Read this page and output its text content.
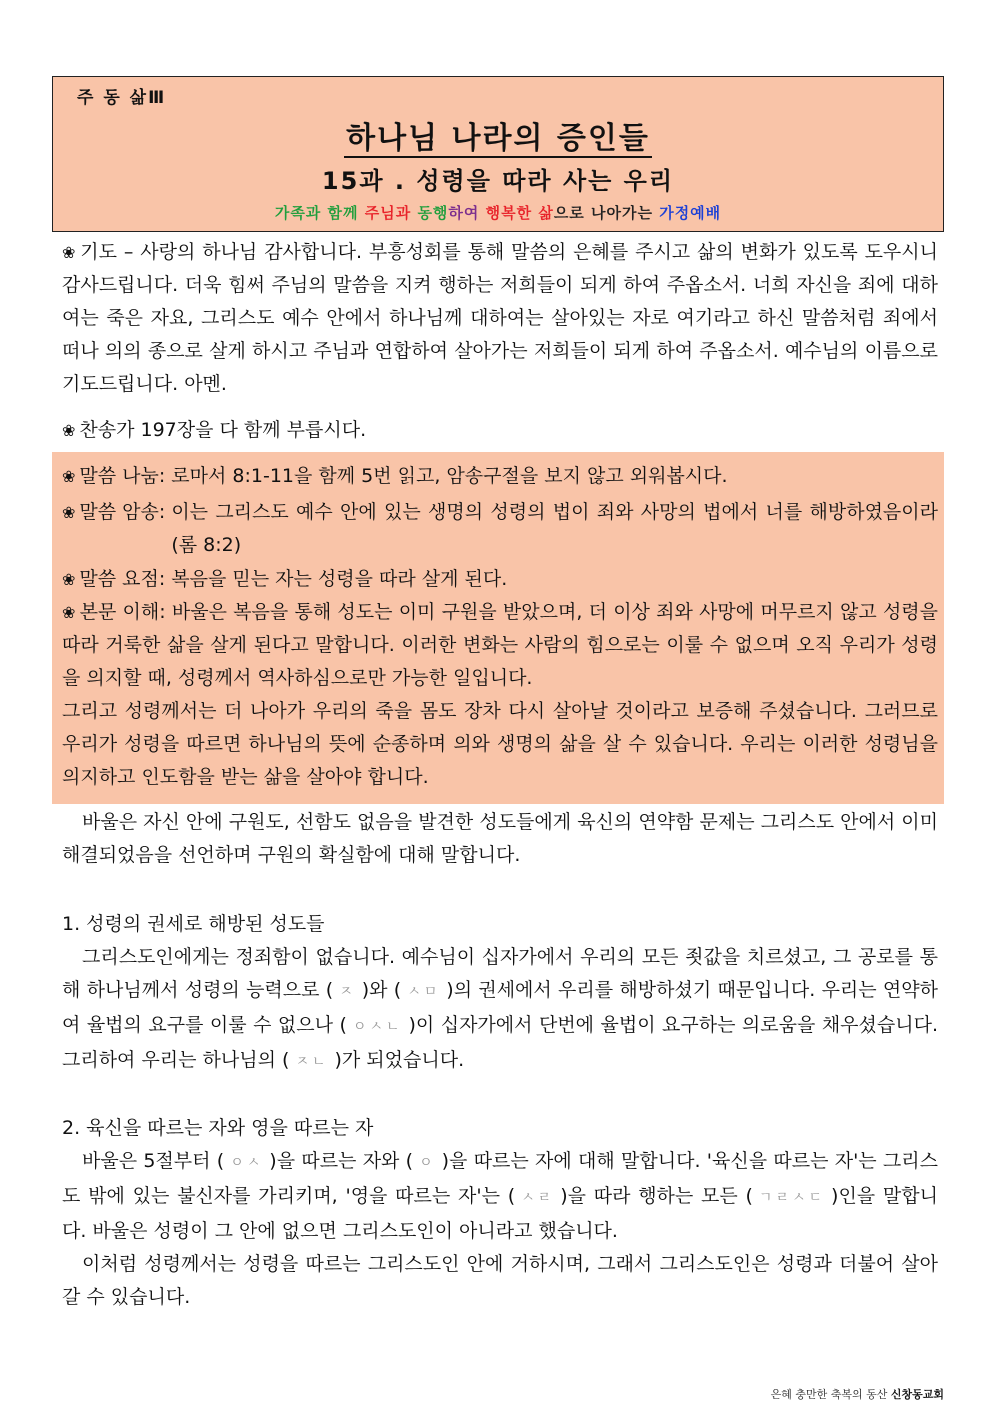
주 동 삶Ⅲ
하나님 나라의 증인들
15과 . 성령을 따라 사는 우리
가족과 함께 주님과 동행하여 행복한 삶으로 나아가는 가정예배

❀ 기도 – 사랑의 하나님 감사합니다. 부흥성회를 통해 말씀의 은혜를 주시고 삶의 변화가 있도록 도우시니 감사드립니다. 더욱 힘써 주님의 말씀을 지켜 행하는 저희들이 되게 하여 주옵소서. 너희 자신을 죄에 대하여는 죽은 자요, 그리스도 예수 안에서 하나님께 대하여는 살아있는 자로 여기라고 하신 말씀처럼 죄에서 떠나 의의 종으로 살게 하시고 주님과 연합하여 살아가는 저희들이 되게 하여 주옵소서. 예수님의 이름으로 기도드립니다. 아멘.

❀ 찬송가 197장을 다 함께 부릅시다.

❀ 말씀 나눔: 로마서 8:1-11을 함께 5번 읽고, 암송구절을 보지 않고 외워봅시다.

❀ 말씀 암송: 이는 그리스도 예수 안에 있는 생명의 성령의 법이 죄와 사망의 법에서 너를 해방하였음이라(롬 8:2)

❀ 말씀 요점: 복음을 믿는 자는 성령을 따라 살게 된다.

❀ 본문 이해: 바울은 복음을 통해 성도는 이미 구원을 받았으며, 더 이상 죄와 사망에 머무르지 않고 성령을 따라 거룩한 삶을 살게 된다고 말합니다. 이러한 변화는 사람의 힘으로는 이룰 수 없으며 오직 우리가 성령을 의지할 때, 성령께서 역사하심으로만 가능한 일입니다.

그리고 성령께서는 더 나아가 우리의 죽을 몸도 장차 다시 살아날 것이라고 보증해 주셨습니다. 그러므로 우리가 성령을 따르면 하나님의 뜻에 순종하며 의와 생명의 삶을 살 수 있습니다. 우리는 이러한 성령님을 의지하고 인도함을 받는 삶을 살아야 합니다.

바울은 자신 안에 구원도, 선함도 없음을 발견한 성도들에게 육신의 연약함 문제는 그리스도 안에서 이미 해결되었음을 선언하며 구원의 확실함에 대해 말합니다.

1. 성령의 권세로 해방된 성도들

그리스도인에게는 정죄함이 없습니다. 예수님이 십자가에서 우리의 모든 죗값을 치르셨고, 그 공로를 통해 하나님께서 성령의 능력으로 ( ㅈ )와 ( ㅅㅁ )의 권세에서 우리를 해방하셨기 때문입니다. 우리는 연약하여 율법의 요구를 이룰 수 없으나 ( ㅇㅅㄴ )이 십자가에서 단번에 율법이 요구하는 의로움을 채우셨습니다. 그리하여 우리는 하나님의 ( ㅈㄴ )가 되었습니다.

2. 육신을 따르는 자와 영을 따르는 자

바울은 5절부터 ( ㅇㅅ )을 따르는 자와 ( ㅇ )을 따르는 자에 대해 말합니다. '육신을 따르는 자'는 그리스도 밖에 있는 불신자를 가리키며, '영을 따르는 자'는 ( ㅅㄹ )을 따라 행하는 모든 ( ㄱㄹㅅㄷ )인을 말합니다. 바울은 성령이 그 안에 없으면 그리스도인이 아니라고 했습니다.

이처럼 성령께서는 성령을 따르는 그리스도인 안에 거하시며, 그래서 그리스도인은 성령과 더불어 살아갈 수 있습니다.

은혜 충만한 축복의 동산 신창동교회
